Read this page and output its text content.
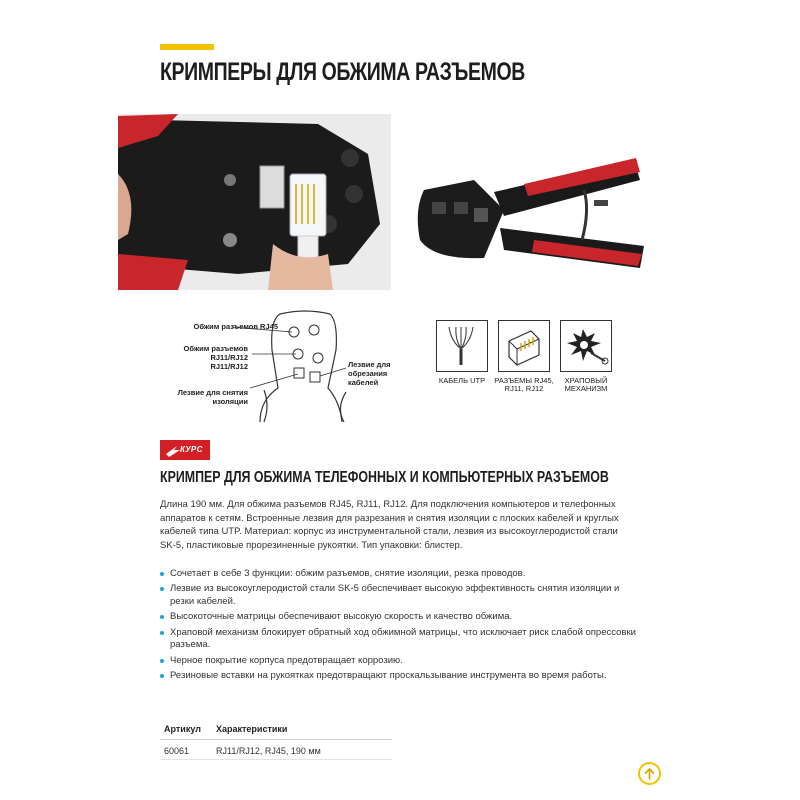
КРИМПЕРЫ ДЛЯ ОБЖИМА РАЗЪЕМОВ
Обжим разъемов RJ45
Обжим разъемов
RJ11/RJ12
RJ11/RJ12
Лезвие для снятия
изоляции
Лезвие для
обрезания
кабелей	КАБЕЛЬ UTP	РАЗЪЕМЫ RJ45,
RJ11, RJ12
ХРАПОВЫЙ
МЕХАНИЗМ
КУРС
КРИМПЕР ДЛЯ ОБЖИМА ТЕЛЕФОННЫХ И КОМПЬЮТЕРНЫХ РАЗЪЕМОВ

Длина 190 мм. Для обжима разъемов RJ45, RJ11, RJ12. Для подключения компьютеров и телефонных аппаратов к сетям. Встроенные лезвия для разрезания и снятия изоляции с плоских кабелей и круглых кабелей типа UTP. Материал: корпус из инструментальной стали, лезвия из высокоуглеродистой стали SK-5, пластиковые прорезиненные рукоятки. Тип упаковки: блистер.

Сочетает в себе 3 функции: обжим разъемов, снятие изоляции, резка проводов.
Лезвие из высокоуглеродистой стали SK-5 обеспечивает высокую эффективность снятия изоляции и резки кабелей.
Высокоточные матрицы обеспечивают высокую скорость и качество обжима.
Храповой механизм блокирует обратный ход обжимной матрицы, что исключает риск слабой опрессовки разъема.
Черное покрытие корпуса предотвращает коррозию.
Резиновые вставки на рукоятках предотвращают проскальзывание инструмента во время работы.
Артикул	Характеристики
60061	RJ11/RJ12, RJ45, 190 мм
